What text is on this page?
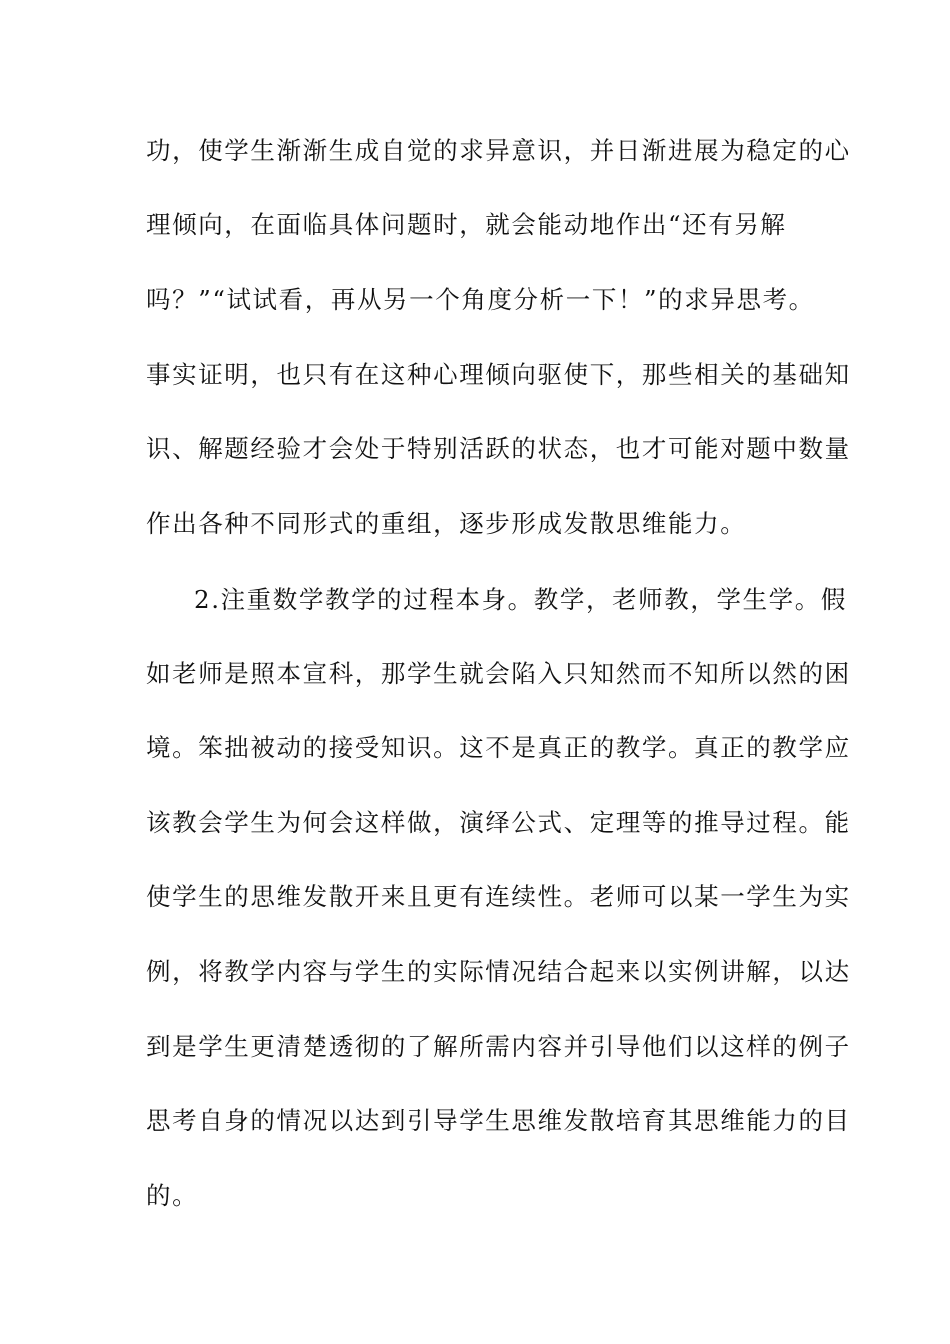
功，使学生渐渐生成自觉的求异意识，并日渐进展为稳定的心
理倾向，在面临具体问题时，就会能动地作出“还有另解
吗？”“试试看，再从另一个角度分析一下！”的求异思考。
事实证明，也只有在这种心理倾向驱使下，那些相关的基础知
识、解题经验才会处于特别活跃的状态，也才可能对题中数量
作出各种不同形式的重组，逐步形成发散思维能力。
2.注重数学教学的过程本身。教学，老师教，学生学。假
如老师是照本宣科，那学生就会陷入只知然而不知所以然的困
境。笨拙被动的接受知识。这不是真正的教学。真正的教学应
该教会学生为何会这样做，演绎公式、定理等的推导过程。能
使学生的思维发散开来且更有连续性。老师可以某一学生为实
例，将教学内容与学生的实际情况结合起来以实例讲解，以达
到是学生更清楚透彻的了解所需内容并引导他们以这样的例子
思考自身的情况以达到引导学生思维发散培育其思维能力的目
的。
